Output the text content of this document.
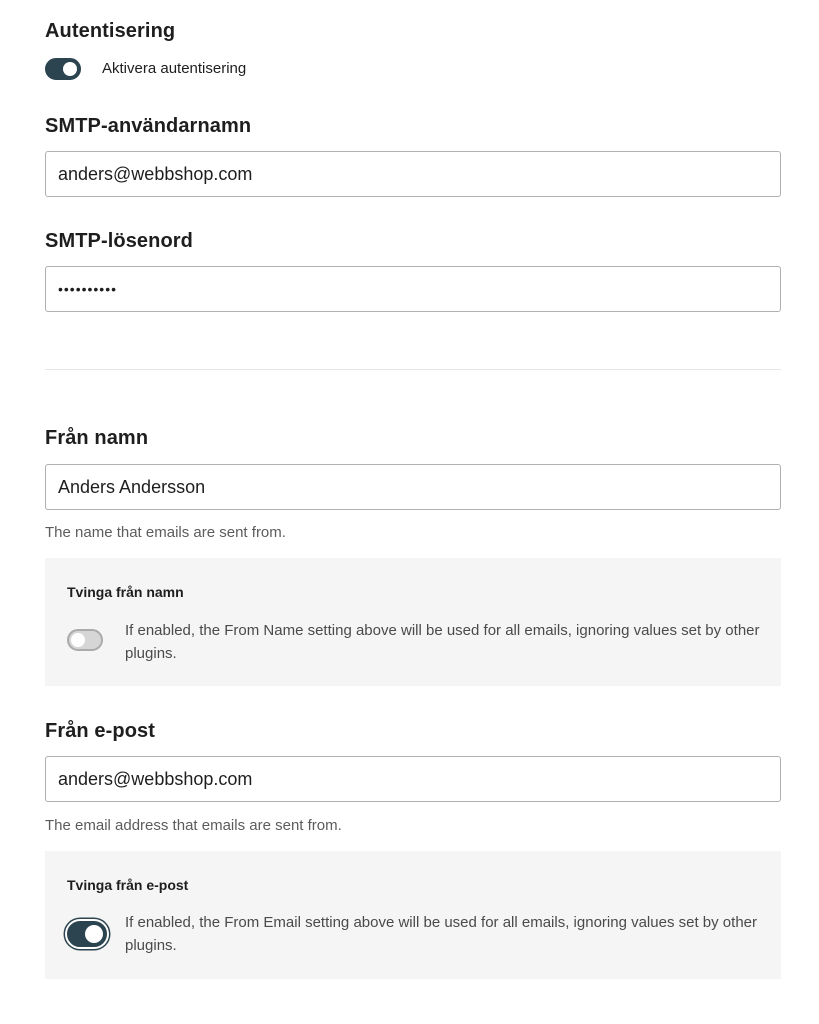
Autentisering
Aktivera autentisering
SMTP-användarnamn
anders@webbshop.com
SMTP-lösenord
••••••••••
Från namn
Anders Andersson
The name that emails are sent from.
Tvinga från namn
If enabled, the From Name setting above will be used for all emails, ignoring values set by other plugins.
Från e-post
anders@webbshop.com
The email address that emails are sent from.
Tvinga från e-post
If enabled, the From Email setting above will be used for all emails, ignoring values set by other plugins.
